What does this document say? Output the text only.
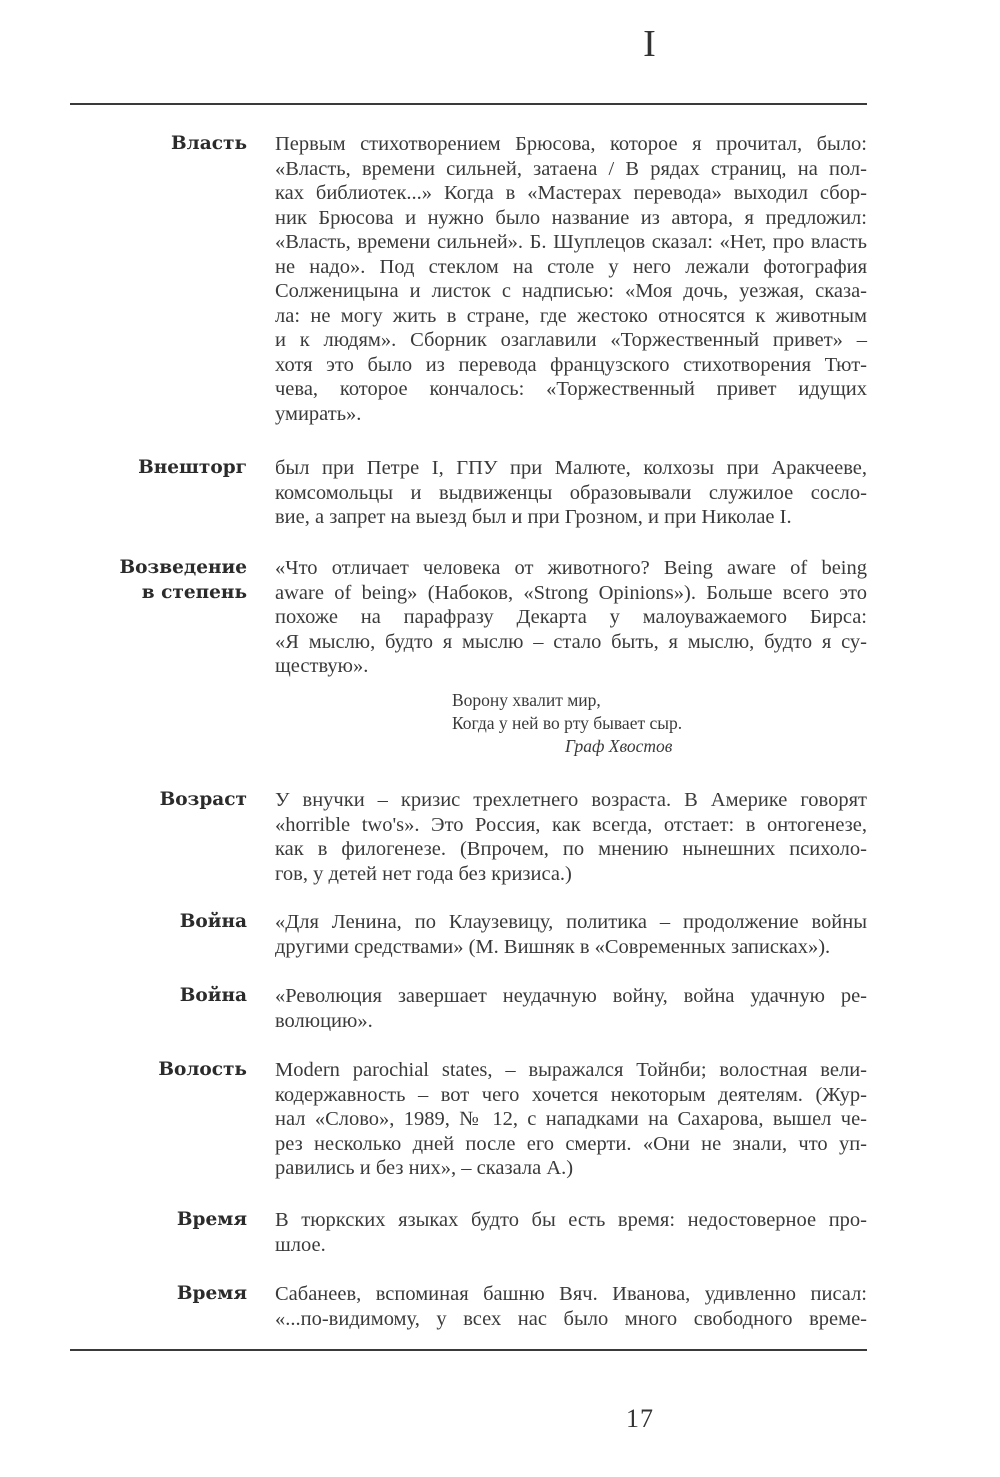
I
Власть Первым стихотворением Брюсова, которое я прочитал, было:
«Власть, времени сильней, затаена / В рядах страниц, на пол-
ках библиотек...» Когда в «Мастерах перевода» выходил сбор-
ник Брюсова и нужно было название из автора, я предложил:
«Власть, времени сильней». Б. Шуплецов сказал: «Нет, про власть
не надо». Под стеклом на столе у него лежали фотография
Солженицына и листок с надписью: «Моя дочь, уезжая, сказа-
ла: не могу жить в стране, где жестоко относятся к животным
и к людям». Сборник озаглавили «Торжественный привет» –
хотя это было из перевода французского стихотворения Тют-
чева, которое кончалось: «Торжественный привет идущих
умирать».
Внешторг был при Петре I, ГПУ при Малюте, колхозы при Аракчееве,
комсомольцы и выдвиженцы образовывали служилое сосло-
вие, а запрет на выезд был и при Грозном, и при Николае I.
Возведение
в степень
«Что отличает человека от животного? Being aware of being
aware of being» (Набоков, «Strong Opinions»). Больше всего это
похоже на парафразу Декарта у малоуважаемого Бирса:
«Я мыслю, будто я мыслю – стало быть, я мыслю, будто я су-
ществую».
Ворону хвалит мир,
Когда у ней во рту бывает сыр.
Граф Хвостов
Возраст У внучки – кризис трехлетнего возраста. В Америке говорят
«horrible two's». Это Россия, как всегда, отстает: в онтогенезе,
как в филогенезе. (Впрочем, по мнению нынешних психоло-
гов, у детей нет года без кризиса.)
Война «Для Ленина, по Клаузевицу, политика – продолжение войны
другими средствами» (М. Вишняк в «Современных записках»).
Война «Революция завершает неудачную войну, война удачную ре-
волюцию».
Волость Modern parochial states, – выражался Тойнби; волостная вели-
кодержавность – вот чего хочется некоторым деятелям. (Жур-
нал «Слово», 1989, № 12, с нападками на Сахарова, вышел че-
рез несколько дней после его смерти. «Они не знали, что уп-
равились и без них», – сказала А.)
Время В тюркских языках будто бы есть время: недостоверное про-
шлое.
Время Сабанеев, вспоминая башню Вяч. Иванова, удивленно писал:
«...по-видимому, у всех нас было много свободного време-
17
